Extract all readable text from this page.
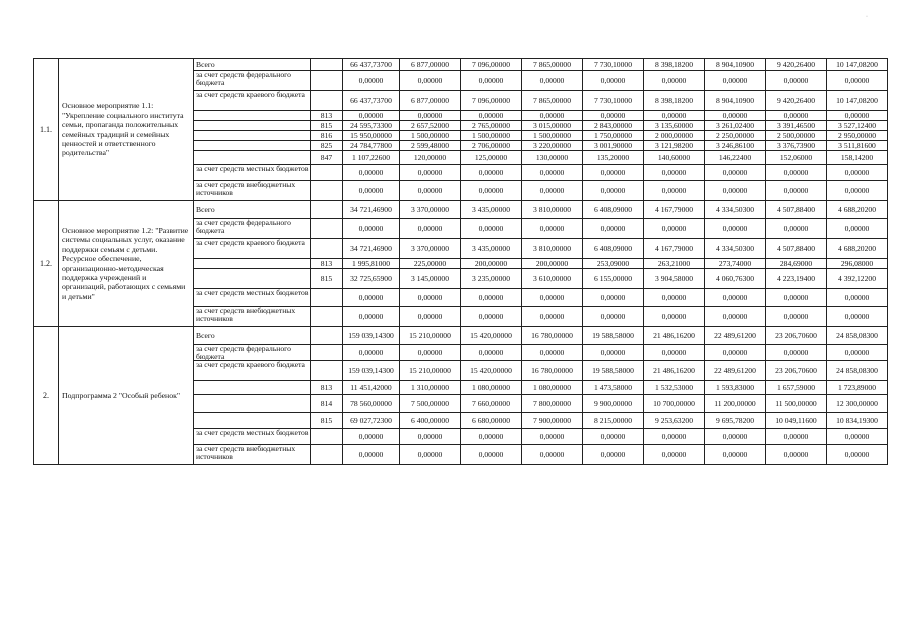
·
1.1.	Основное мероприятие 1.1: "Укрепление социального института семьи, пропаганда положительных семейных традиций и семейных ценностей и ответственного родительства"	Всего		66 437,73700	6 877,00000	7 096,00000	7 865,00000	7 730,10000	8 398,18200	8 904,10900	9 420,26400	10 147,08200
		за счет средств федерального бюджета		0,00000	0,00000	0,00000	0,00000	0,00000	0,00000	0,00000	0,00000	0,00000
		за счет средств краевого бюджета		66 437,73700	6 877,00000	7 096,00000	7 865,00000	7 730,10000	8 398,18200	8 904,10900	9 420,26400	10 147,08200
			813	0,00000	0,00000	0,00000	0,00000	0,00000	0,00000	0,00000	0,00000	0,00000
			815	24 595,73300	2 657,52000	2 765,00000	3 015,00000	2 843,00000	3 135,60000	3 261,02400	3 391,46500	3 527,12400
			816	15 950,00000	1 500,00000	1 500,00000	1 500,00000	1 750,00000	2 000,00000	2 250,00000	2 500,00000	2 950,00000
			825	24 784,77800	2 599,48000	2 706,00000	3 220,00000	3 001,90000	3 121,98200	3 246,86100	3 376,73900	3 511,81600
			847	1 107,22600	120,00000	125,00000	130,00000	135,20000	140,60000	146,22400	152,06000	158,14200
		за счет средств местных бюджетов		0,00000	0,00000	0,00000	0,00000	0,00000	0,00000	0,00000	0,00000	0,00000
		за счет средств внебюджетных источников		0,00000	0,00000	0,00000	0,00000	0,00000	0,00000	0,00000	0,00000	0,00000
1.2.	Основное мероприятие 1.2: "Развитие системы социальных услуг, оказание поддержки семьям с детьми. Ресурсное обеспечение, организационно-методическая поддержка учреждений и организаций, работающих с семьями и детьми"	Всего		34 721,46900	3 370,00000	3 435,00000	3 810,00000	6 408,09000	4 167,79000	4 334,50300	4 507,88400	4 688,20200
		за счет средств федерального бюджета		0,00000	0,00000	0,00000	0,00000	0,00000	0,00000	0,00000	0,00000	0,00000
		за счет средств краевого бюджета		34 721,46900	3 370,00000	3 435,00000	3 810,00000	6 408,09000	4 167,79000	4 334,50300	4 507,88400	4 688,20200
			813	1 995,81000	225,00000	200,00000	200,00000	253,09000	263,21000	273,74000	284,69000	296,08000
			815	32 725,65900	3 145,00000	3 235,00000	3 610,00000	6 155,00000	3 904,58000	4 060,76300	4 223,19400	4 392,12200
		за счет средств местных бюджетов		0,00000	0,00000	0,00000	0,00000	0,00000	0,00000	0,00000	0,00000	0,00000
		за счет средств внебюджетных источников		0,00000	0,00000	0,00000	0,00000	0,00000	0,00000	0,00000	0,00000	0,00000
2.	Подпрограмма 2 "Особый ребенок"	Всего		159 039,14300	15 210,00000	15 420,00000	16 780,00000	19 588,58000	21 486,16200	22 489,61200	23 206,70600	24 858,08300
		за счет средств федерального бюджета		0,00000	0,00000	0,00000	0,00000	0,00000	0,00000	0,00000	0,00000	0,00000
		за счет средств краевого бюджета		159 039,14300	15 210,00000	15 420,00000	16 780,00000	19 588,58000	21 486,16200	22 489,61200	23 206,70600	24 858,08300
			813	11 451,42000	1 310,00000	1 080,00000	1 080,00000	1 473,58000	1 532,53000	1 593,83000	1 657,59000	1 723,89000
			814	78 560,00000	7 500,00000	7 660,00000	7 800,00000	9 900,00000	10 700,00000	11 200,00000	11 500,00000	12 300,00000
			815	69 027,72300	6 400,00000	6 680,00000	7 900,00000	8 215,00000	9 253,63200	9 695,78200	10 049,11600	10 834,19300
		за счет средств местных бюджетов		0,00000	0,00000	0,00000	0,00000	0,00000	0,00000	0,00000	0,00000	0,00000
		за счет средств внебюджетных источников		0,00000	0,00000	0,00000	0,00000	0,00000	0,00000	0,00000	0,00000	0,00000
